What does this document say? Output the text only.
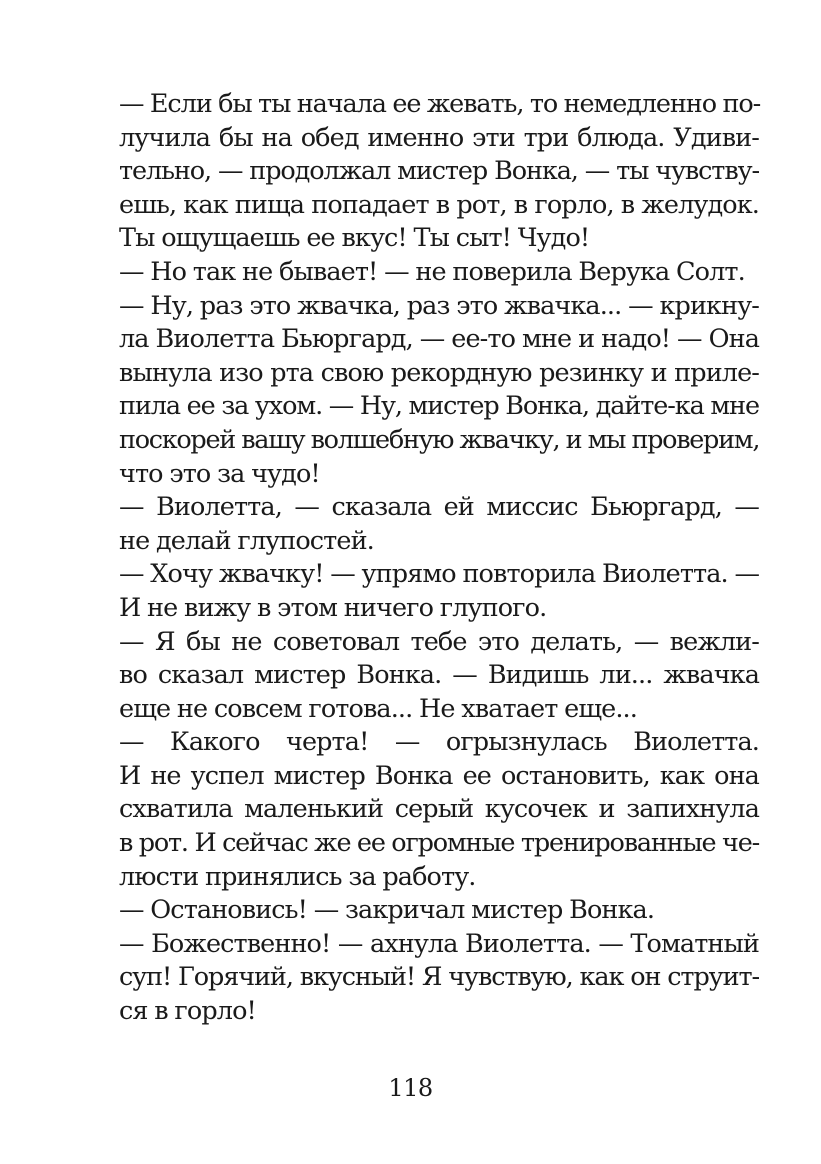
— Если бы ты начала ее жевать, то немедленно по-
лучила бы на обед именно эти три блюда. Удиви-
тельно, — продолжал мистер Вонка, — ты чувству-
ешь, как пища попадает в рот, в горло, в желудок.
Ты ощущаешь ее вкус! Ты сыт! Чудо!
— Но так не бывает! — не поверила Верука Солт.
— Ну, раз это жвачка, раз это жвачка... — крикну-
ла Виолетта Бьюргард, — ее-то мне и надо! — Она
вынула изо рта свою рекордную резинку и приле-
пила ее за ухом. — Ну, мистер Вонка, дайте-ка мне
поскорей вашу волшебную жвачку, и мы проверим,
что это за чудо!
— Виолетта, — сказала ей миссис Бьюргард, —
не делай глупостей.
— Хочу жвачку! — упрямо повторила Виолетта. —
И не вижу в этом ничего глупого.
— Я бы не советовал тебе это делать, — вежли-
во сказал мистер Вонка. — Видишь ли... жвачка
еще не совсем готова... Не хватает еще...
— Какого черта! — огрызнулась Виолетта.
И не успел мистер Вонка ее остановить, как она
схватила маленький серый кусочек и запихнула
в рот. И сейчас же ее огромные тренированные че-
люсти принялись за работу.
— Остановись! — закричал мистер Вонка.
— Божественно! — ахнула Виолетта. — Томатный
суп! Горячий, вкусный! Я чувствую, как он струит-
ся в горло!
118
